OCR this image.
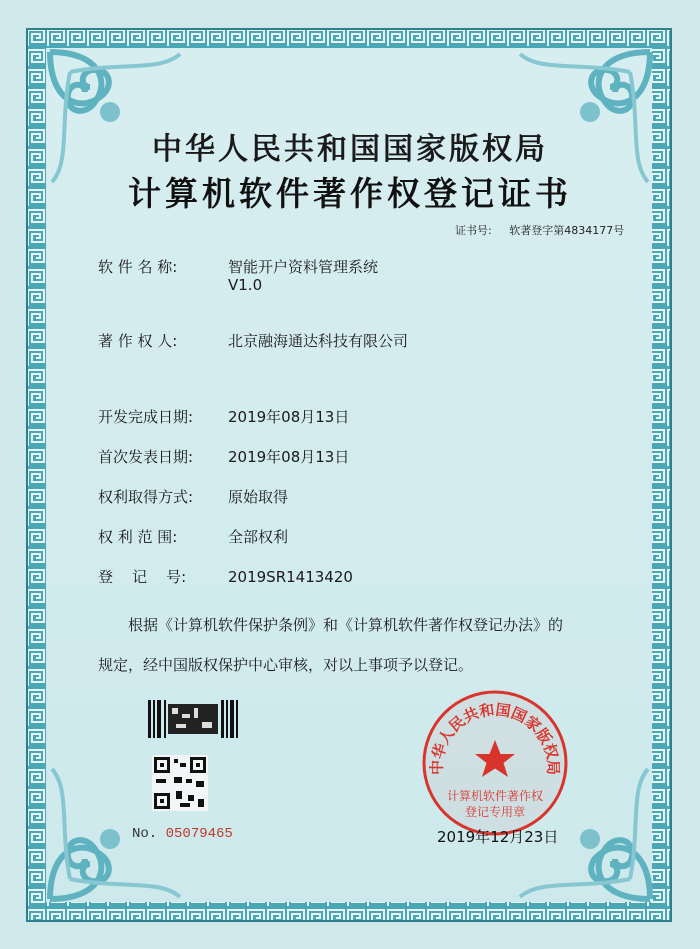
中华人民共和国国家版权局
计算机软件著作权登记证书
证书号: 软著登字第4834177号
软 件 名 称:	智能开户资料管理系统
V1.0
著 作 权 人:	北京融海通达科技有限公司
开发完成日期: 2019年08月13日
首次发表日期: 2019年08月13日
权利取得方式: 原始取得
权 利 范 围:	全部权利
登    记    号:	2019SR1413420
根据《计算机软件保护条例》和《计算机软件著作权登记办法》的
规定，经中国版权保护中心审核，对以上事项予以登记。
No. 05079465
中华人民共和国国家版权局
计算机软件著作权
登记专用章
2019年12月23日
